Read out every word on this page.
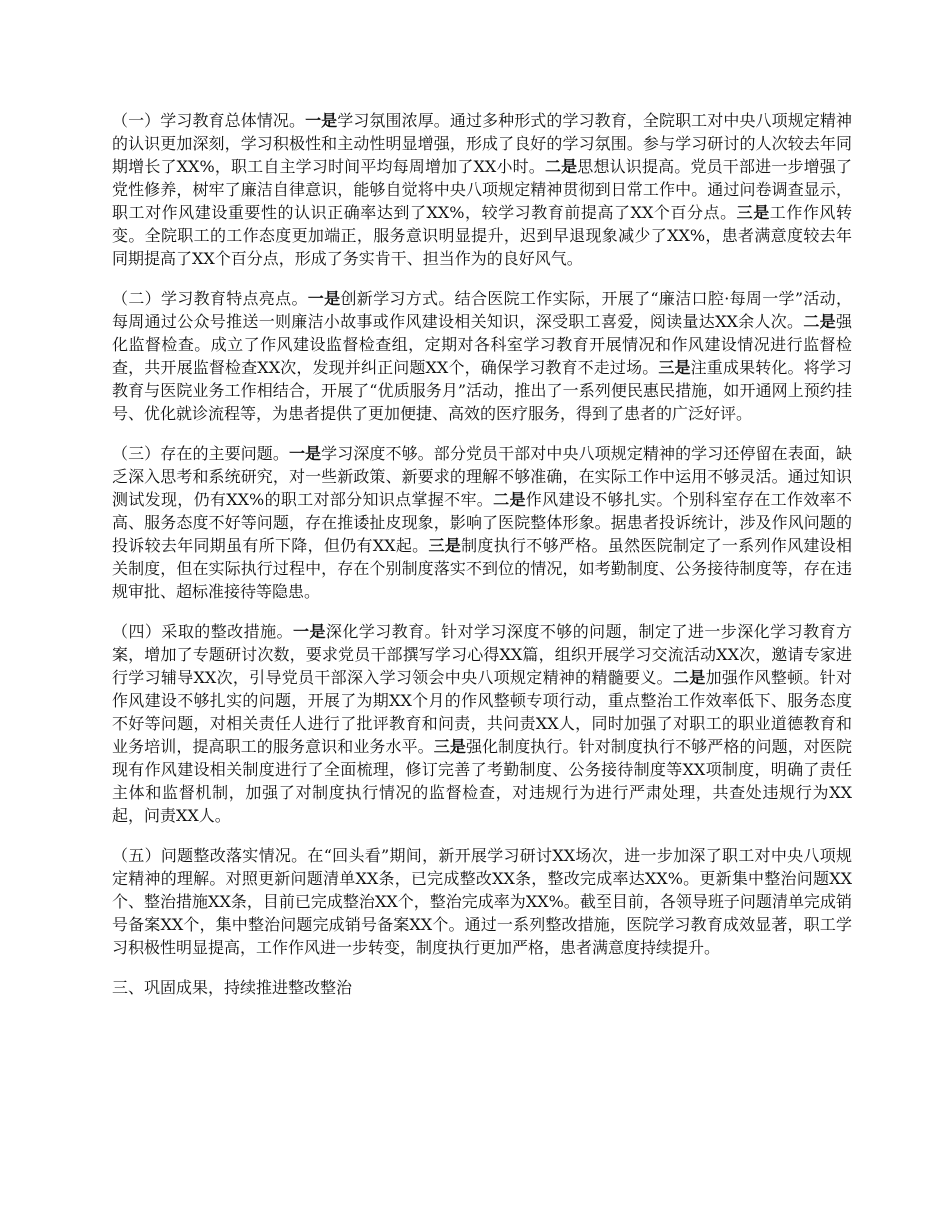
（一）学习教育总体情况。一是学习氛围浓厚。通过多种形式的学习教育，全院职工对中央八项规定精神的认识更加深刻，学习积极性和主动性明显增强，形成了良好的学习氛围。参与学习研讨的人次较去年同期增长了XX%，职工自主学习时间平均每周增加了XX小时。二是思想认识提高。党员干部进一步增强了党性修养，树牢了廉洁自律意识，能够自觉将中央八项规定精神贯彻到日常工作中。通过问卷调查显示，职工对作风建设重要性的认识正确率达到了XX%，较学习教育前提高了XX个百分点。三是工作作风转变。全院职工的工作态度更加端正，服务意识明显提升，迟到早退现象减少了XX%，患者满意度较去年同期提高了XX个百分点，形成了务实肯干、担当作为的良好风气。

（二）学习教育特点亮点。一是创新学习方式。结合医院工作实际，开展了“廉洁口腔·每周一学”活动，每周通过公众号推送一则廉洁小故事或作风建设相关知识，深受职工喜爱，阅读量达XX余人次。二是强化监督检查。成立了作风建设监督检查组，定期对各科室学习教育开展情况和作风建设情况进行监督检查，共开展监督检查XX次，发现并纠正问题XX个，确保学习教育不走过场。三是注重成果转化。将学习教育与医院业务工作相结合，开展了“优质服务月”活动，推出了一系列便民惠民措施，如开通网上预约挂号、优化就诊流程等，为患者提供了更加便捷、高效的医疗服务，得到了患者的广泛好评。

（三）存在的主要问题。一是学习深度不够。部分党员干部对中央八项规定精神的学习还停留在表面，缺乏深入思考和系统研究，对一些新政策、新要求的理解不够准确，在实际工作中运用不够灵活。通过知识测试发现，仍有XX%的职工对部分知识点掌握不牢。二是作风建设不够扎实。个别科室存在工作效率不高、服务态度不好等问题，存在推诿扯皮现象，影响了医院整体形象。据患者投诉统计，涉及作风问题的投诉较去年同期虽有所下降，但仍有XX起。三是制度执行不够严格。虽然医院制定了一系列作风建设相关制度，但在实际执行过程中，存在个别制度落实不到位的情况，如考勤制度、公务接待制度等，存在违规审批、超标准接待等隐患。

（四）采取的整改措施。一是深化学习教育。针对学习深度不够的问题，制定了进一步深化学习教育方案，增加了专题研讨次数，要求党员干部撰写学习心得XX篇，组织开展学习交流活动XX次，邀请专家进行学习辅导XX次，引导党员干部深入学习领会中央八项规定精神的精髓要义。二是加强作风整顿。针对作风建设不够扎实的问题，开展了为期XX个月的作风整顿专项行动，重点整治工作效率低下、服务态度不好等问题，对相关责任人进行了批评教育和问责，共问责XX人，同时加强了对职工的职业道德教育和业务培训，提高职工的服务意识和业务水平。三是强化制度执行。针对制度执行不够严格的问题，对医院现有作风建设相关制度进行了全面梳理，修订完善了考勤制度、公务接待制度等XX项制度，明确了责任主体和监督机制，加强了对制度执行情况的监督检查，对违规行为进行严肃处理，共查处违规行为XX起，问责XX人。

（五）问题整改落实情况。在“回头看”期间，新开展学习研讨XX场次，进一步加深了职工对中央八项规定精神的理解。对照更新问题清单XX条，已完成整改XX条，整改完成率达XX%。更新集中整治问题XX个、整治措施XX条，目前已完成整治XX个，整治完成率为XX%。截至目前，各领导班子问题清单完成销号备案XX个，集中整治问题完成销号备案XX个。通过一系列整改措施，医院学习教育成效显著，职工学习积极性明显提高，工作作风进一步转变，制度执行更加严格，患者满意度持续提升。

三、巩固成果，持续推进整改整治
